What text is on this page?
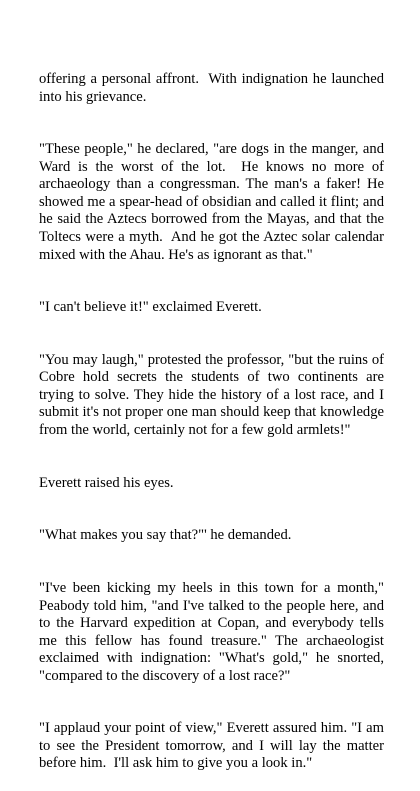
offering a personal affront.  With indignation he launched into his grievance.

"These people," he declared, "are dogs in the manger, and Ward is the worst of the lot.  He knows no more of archaeology than a congressman. The man's a faker! He showed me a spear-head of obsidian and called it flint; and he said the Aztecs borrowed from the Mayas, and that the Toltecs were a myth.  And he got the Aztec solar calendar mixed with the Ahau. He's as ignorant as that."

"I can't believe it!" exclaimed Everett.

"You may laugh," protested the professor, "but the ruins of Cobre hold secrets the students of two continents are trying to solve. They hide the history of a lost race, and I submit it's not proper one man should keep that knowledge from the world, certainly not for a few gold armlets!"

Everett raised his eyes.

"What makes you say that?"' he demanded.

"I've been kicking my heels in this town for a month," Peabody told him, "and I've talked to the people here, and to the Harvard expedition at Copan, and everybody tells me this fellow has found treasure." The archaeologist exclaimed with indignation: "What's gold," he snorted, "compared to the discovery of a lost race?"

"I applaud your point of view," Everett assured him. "I am to see the President tomorrow, and I will lay the matter before him.  I'll ask him to give you a look in."
